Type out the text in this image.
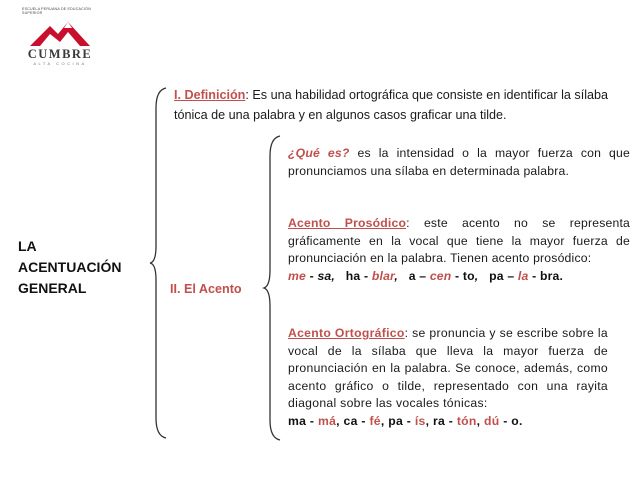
ESCUELA PERUANA DE EDUCACIÓN SUPERIOR
CUMBRE
ALTA COCINA
LA
ACENTUACIÓN
GENERAL
I. Definición: Es una habilidad ortográfica que consiste en identificar la sílaba tónica de una palabra y en algunos casos graficar una tilde.
II. El Acento
¿Qué es? es la intensidad o la mayor fuerza con que pronunciamos una sílaba en determinada palabra.
Acento Prosódico: este acento no se representa gráficamente en la vocal que tiene la mayor fuerza de pronunciación en la palabra. Tienen acento prosódico:
me - sa,   ha - blar,   a – cen - to,   pa – la - bra.
Acento Ortográfico: se pronuncia y se escribe sobre la vocal de la sílaba que lleva la mayor fuerza de pronunciación en la palabra. Se conoce, además, como acento gráfico o tilde, representado con una rayita diagonal sobre las vocales tónicas:
ma - má, ca - fé, pa - ís, ra - tón, dú - o.
